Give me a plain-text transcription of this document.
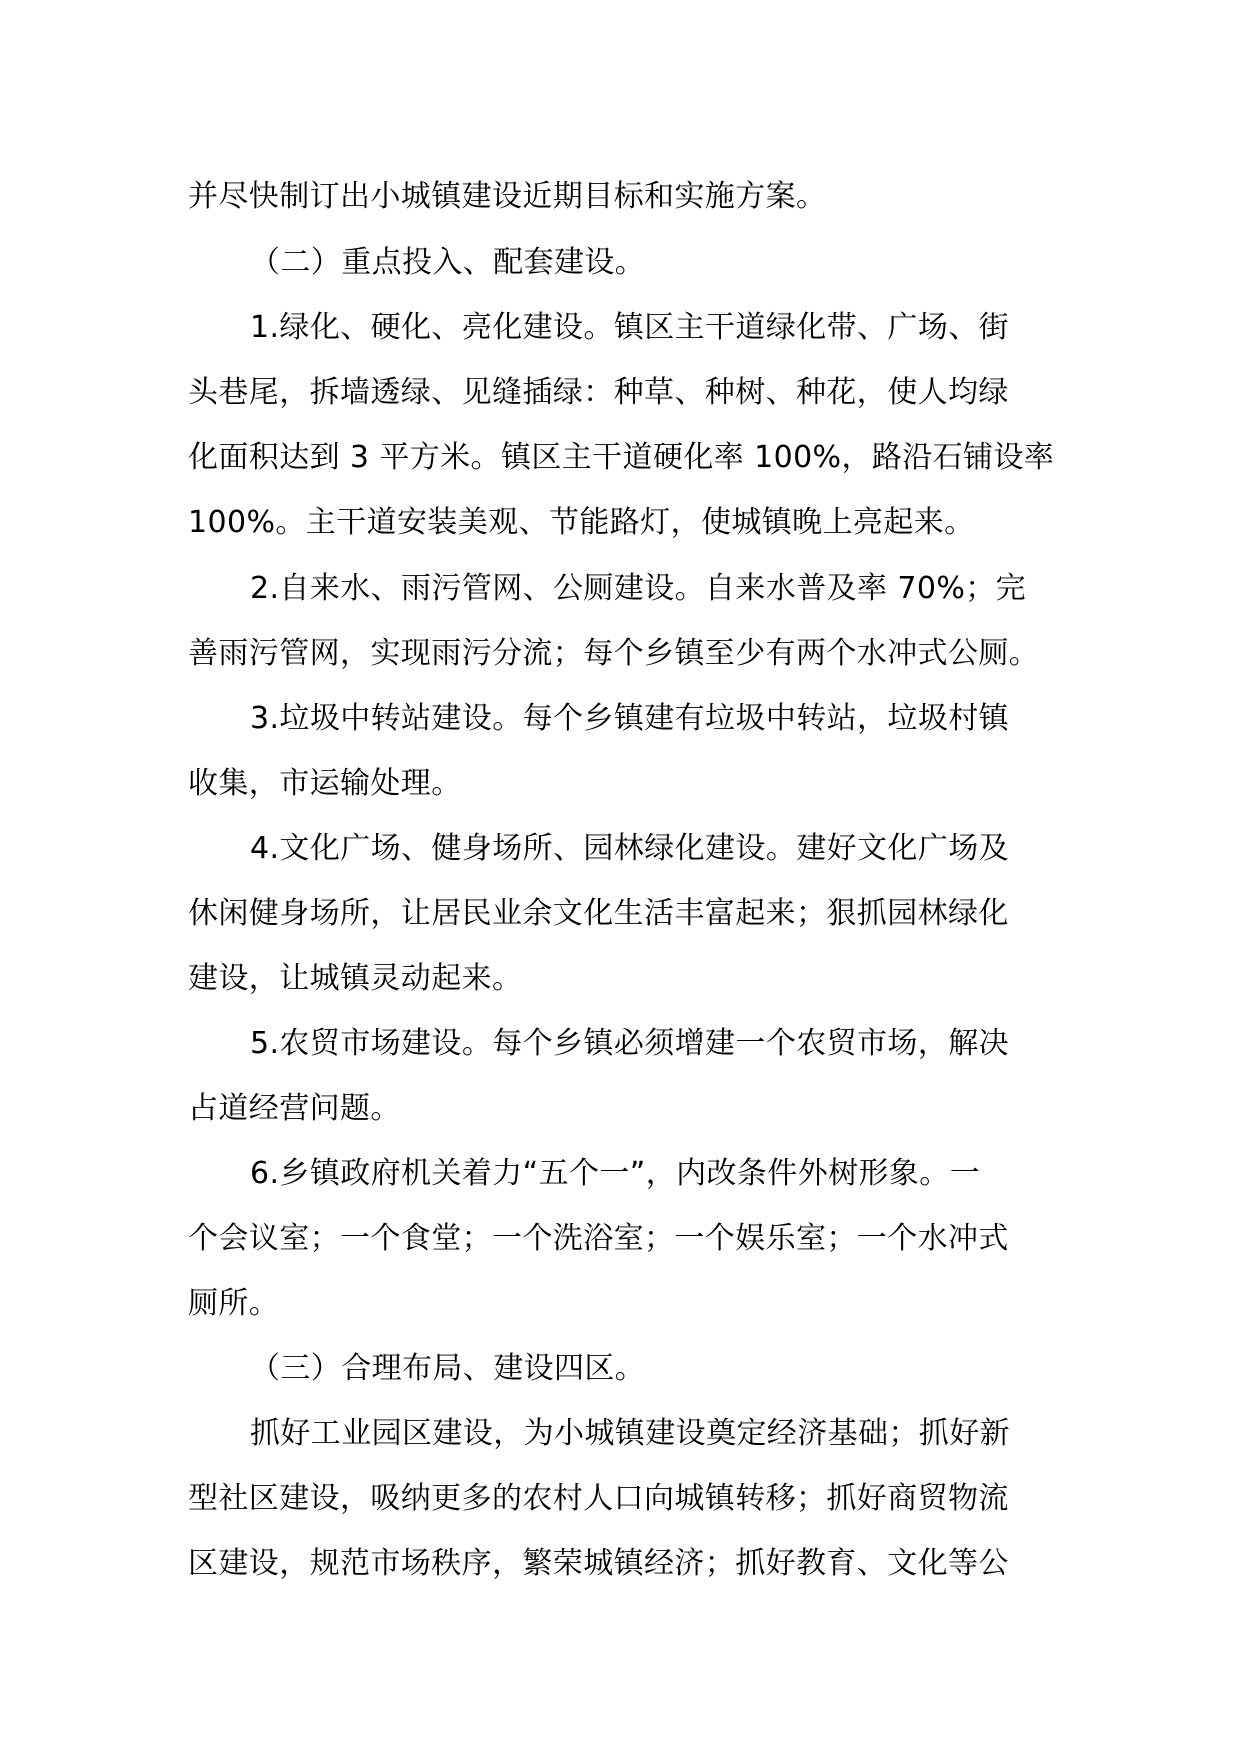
并尽快制订出小城镇建设近期目标和实施方案。
（二）重点投入、配套建设。
1.绿化、硬化、亮化建设。镇区主干道绿化带、广场、街
头巷尾，拆墙透绿、见缝插绿：种草、种树、种花，使人均绿
化面积达到 3 平方米。镇区主干道硬化率 100%，路沿石铺设率
100%。主干道安装美观、节能路灯，使城镇晚上亮起来。
2.自来水、雨污管网、公厕建设。自来水普及率 70%；完
善雨污管网，实现雨污分流；每个乡镇至少有两个水冲式公厕。
3.垃圾中转站建设。每个乡镇建有垃圾中转站，垃圾村镇
收集，市运输处理。
4.文化广场、健身场所、园林绿化建设。建好文化广场及
休闲健身场所，让居民业余文化生活丰富起来；狠抓园林绿化
建设，让城镇灵动起来。
5.农贸市场建设。每个乡镇必须增建一个农贸市场，解决
占道经营问题。
6.乡镇政府机关着力“五个一”，内改条件外树形象。一
个会议室；一个食堂；一个洗浴室；一个娱乐室；一个水冲式
厕所。
（三）合理布局、建设四区。
抓好工业园区建设，为小城镇建设奠定经济基础；抓好新
型社区建设，吸纳更多的农村人口向城镇转移；抓好商贸物流
区建设，规范市场秩序，繁荣城镇经济；抓好教育、文化等公
